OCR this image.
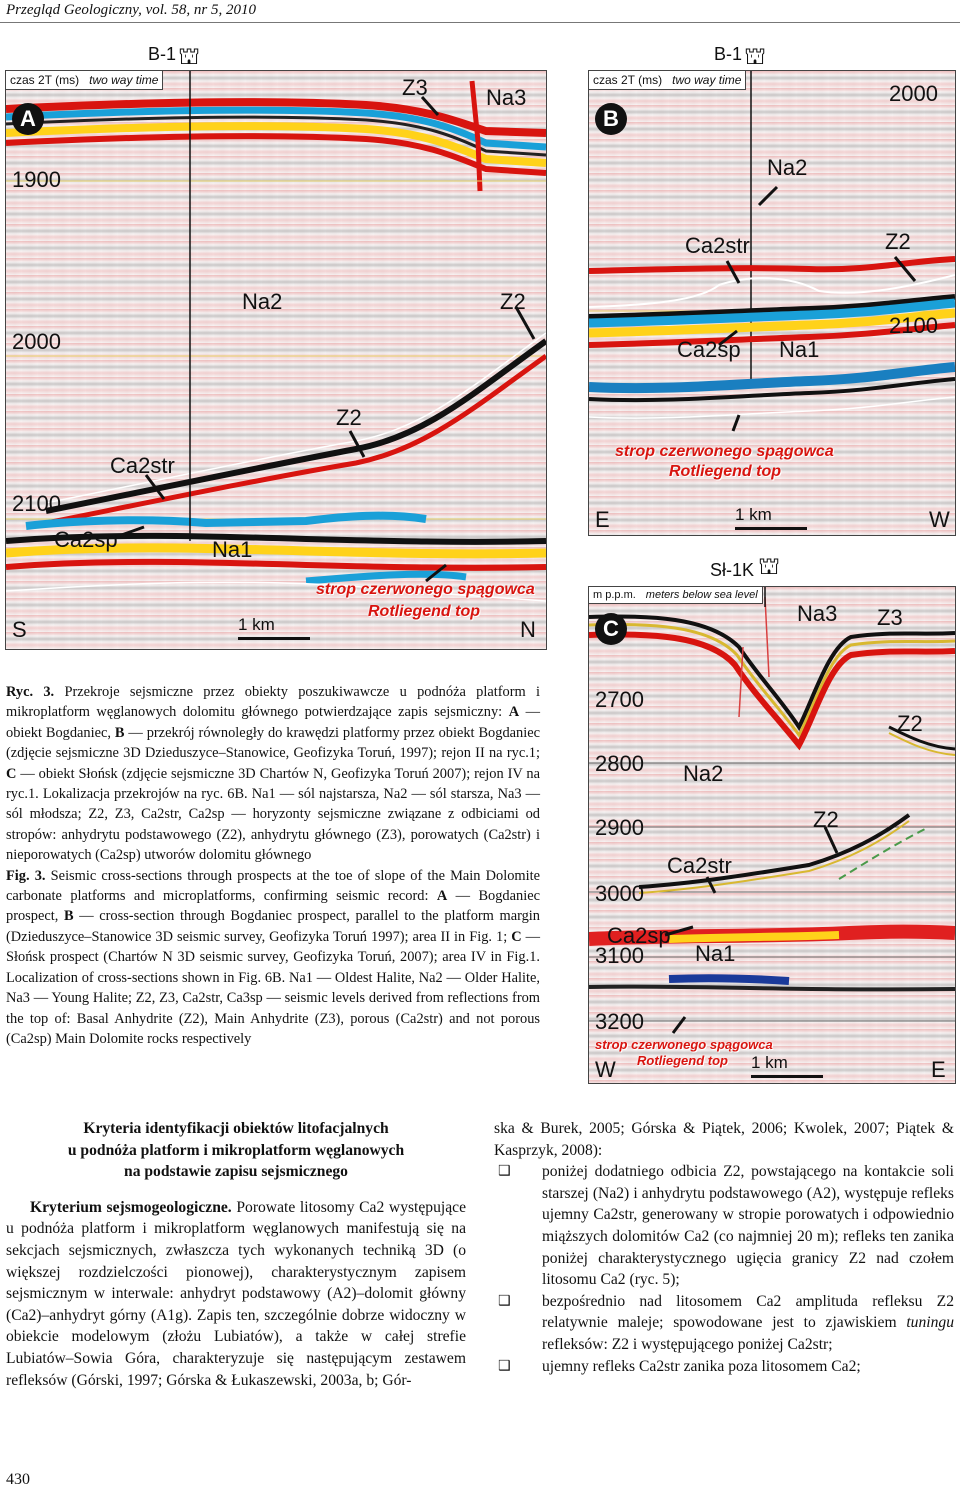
Przegląd Geologiczny, vol. 58, nr 5, 2010
czas 2T (ms) two way time
A
1900
2000
2100
Z3	Na3
Na2	Z2
Z2
Ca2str
Ca2sp	Na1
strop czerwonego spągowca
Rotliegend top
1 km
S	N
B-1 ⛫
czas 2T (ms) two way time
B
2000
2100
Na2
Ca2str	Z2
Ca2sp Na1
strop czerwonego spągowca
Rotliegend top
1 km
E	W
B-1 ⛫
m p.p.m. meters below sea level
C
Na3 Z3
2700
Z2
2800 Na2
Z2
2900
Ca2str
3000
Ca2sp
Na1
3100
3200
strop czerwonego spągowca
Rotliegend top 1 km
W	E
Sł-1K ⛫
Ryc. 3. Przekroje sejsmiczne przez obiekty poszukiwawcze u podnóża platform i mikroplatform węglanowych dolomitu głównego potwierdzające zapis sejsmiczny: A — obiekt Bogdaniec, B — przekrój równoległy do krawędzi platformy przez obiekt Bogdaniec (zdjęcie sejsmiczne 3D Dzieduszyce–Stanowice, Geofizyka Toruń, 1997); rejon II na ryc.1; C — obiekt Słońsk (zdjęcie sejsmiczne 3D Chartów N, Geofizyka Toruń 2007); rejon IV na ryc.1. Lokalizacja przekrojów na ryc. 6B. Na1 — sól najstarsza, Na2 — sól starsza, Na3 — sól młodsza; Z2, Z3, Ca2str, Ca2sp — horyzonty sejsmiczne związane z odbiciami od stropów: anhydrytu podstawowego (Z2), anhydrytu głównego (Z3), porowatych (Ca2str) i nieporowatych (Ca2sp) utworów dolomitu głównego
Fig. 3. Seismic cross-sections through prospects at the toe of slope of the Main Dolomite carbonate platforms and microplatforms, confirming seismic record: A — Bogdaniec prospect, B — cross-section through Bogdaniec prospect, parallel to the platform margin (Dzieduszyce–Stanowice 3D seismic survey, Geofizyka Toruń 1997); area II in Fig. 1; C — Słońsk prospect (Chartów N 3D seismic survey, Geofizyka Toruń, 2007); area IV in Fig.1. Localization of cross-sections shown in Fig. 6B. Na1 — Oldest Halite, Na2 — Older Halite, Na3 — Young Halite; Z2, Z3, Ca2str, Ca3sp — seismic levels derived from reflections from the top of: Basal Anhydrite (Z2), Main Anhydrite (Z3), porous (Ca2str) and not porous (Ca2sp) Main Dolomite rocks respectively
Kryteria identyfikacji obiektów litofacjalnych
u podnóża platform i mikroplatform węglanowych
na podstawie zapisu sejsmicznego
Kryterium sejsmogeologiczne. Porowate litosomy Ca2 występujące u podnóża platform i mikroplatform węglanowych manifestują się na sekcjach sejsmicznych, zwłaszcza tych wykonanych techniką 3D (o większej rozdzielczości pionowej), charakterystycznym zapisem sejsmicznym w interwale: anhydryt podstawowy (A2)–dolomit główny (Ca2)–anhydryt górny (A1g). Zapis ten, szczególnie dobrze widoczny w obiekcie modelowym (złożu Lubiatów), a także w całej strefie Lubiatów–Sowia Góra, charakteryzuje się następującym zestawem refleksów (Górski, 1997; Górska & Łukaszewski, 2003a, b; Gór-
ska & Burek, 2005; Górska & Piątek, 2006; Kwolek, 2007; Piątek & Kasprzyk, 2008):
❑ poniżej dodatniego odbicia Z2, powstającego na kontakcie soli starszej (Na2) i anhydrytu podstawowego (A2), występuje refleks ujemny Ca2str, generowany w stropie porowatych i odpowiednio miąższych dolomitów Ca2 (co najmniej 20 m); refleks ten zanika poniżej charakterystycznego ugięcia granicy Z2 nad czołem litosomu Ca2 (ryc. 5);
❑ bezpośrednio nad litosomem Ca2 amplituda refleksu Z2 relatywnie maleje; spowodowane jest to zjawiskiem tuningu refleksów: Z2 i występującego poniżej Ca2str;
❑ ujemny refleks Ca2str zanika poza litosomem Ca2;
430
